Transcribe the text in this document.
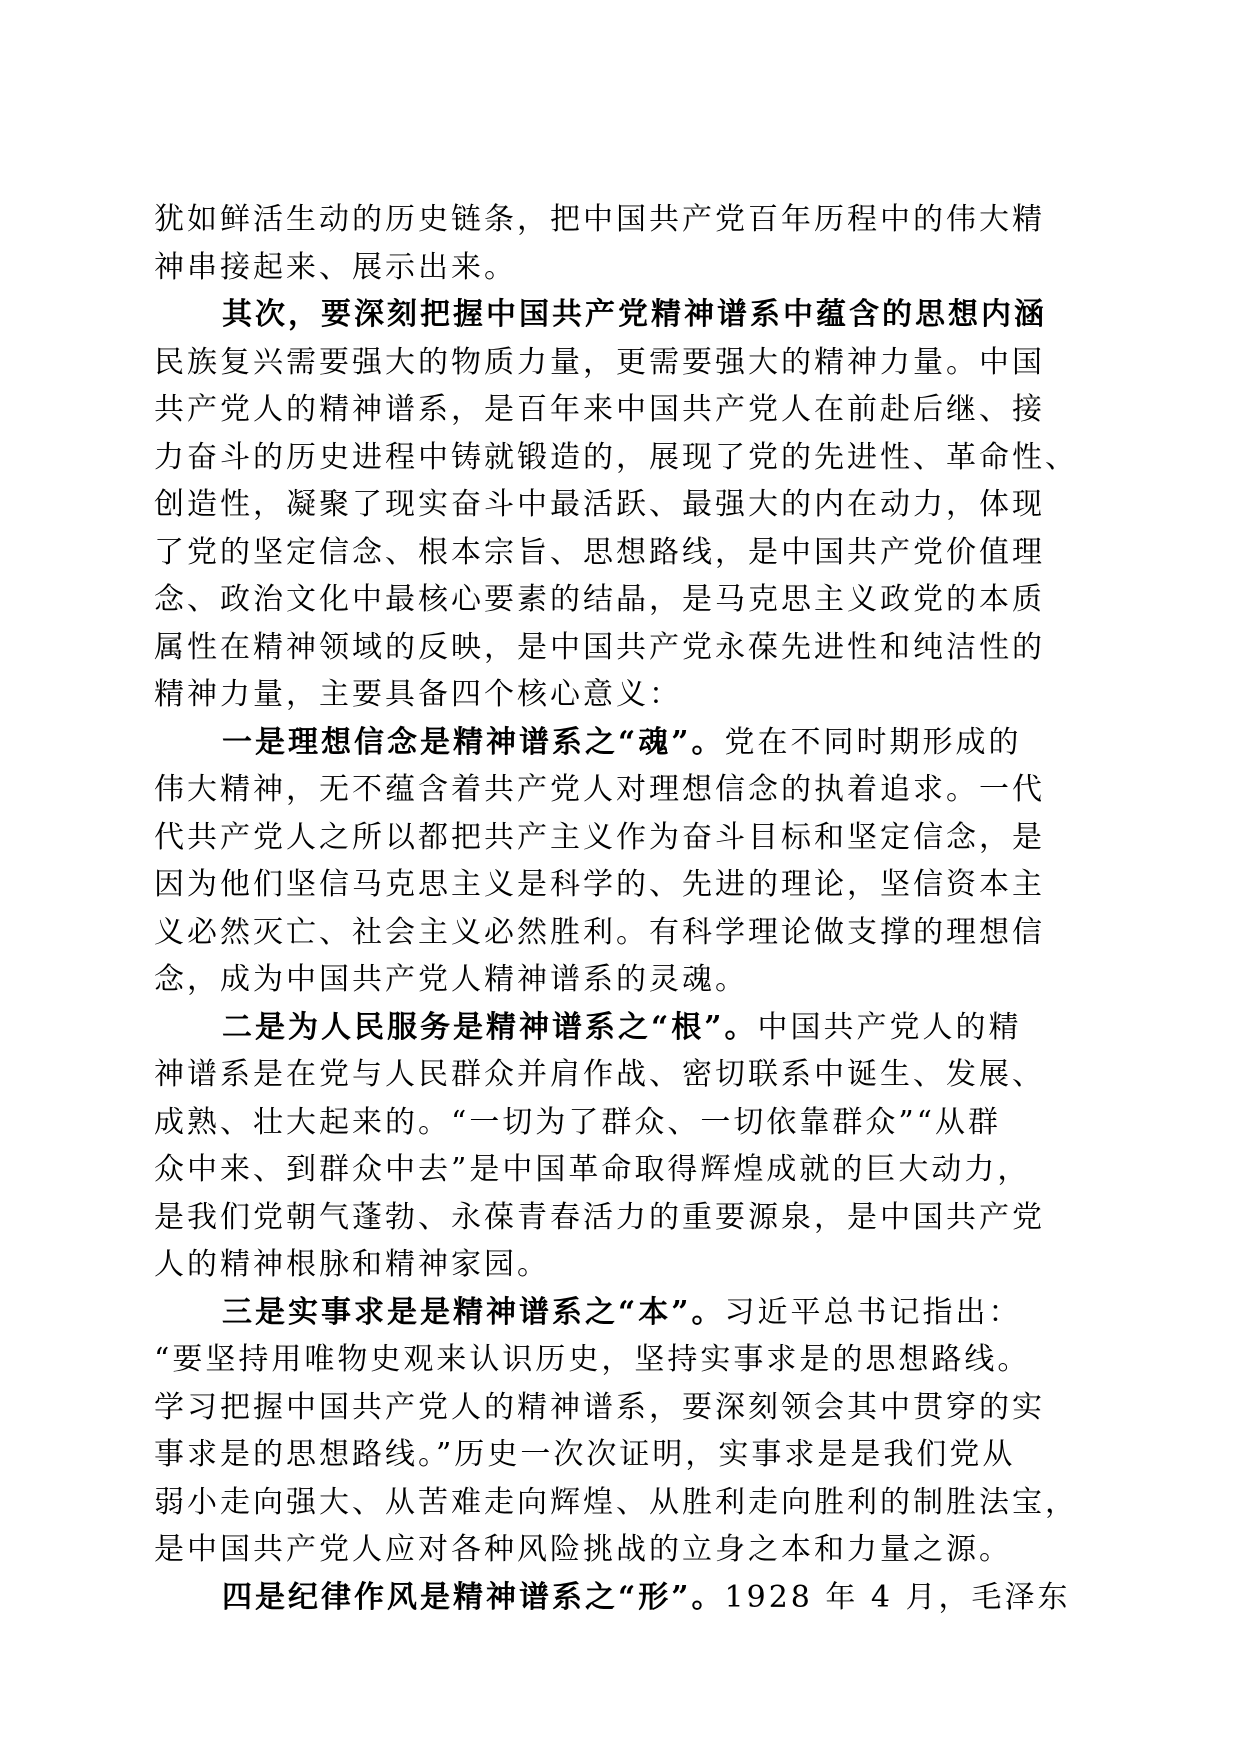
犹如鲜活生动的历史链条，把中国共产党百年历程中的伟大精
神串接起来、展示出来。
其次，要深刻把握中国共产党精神谱系中蕴含的思想内涵
民族复兴需要强大的物质力量，更需要强大的精神力量。中国
共产党人的精神谱系，是百年来中国共产党人在前赴后继、接
力奋斗的历史进程中铸就锻造的，展现了党的先进性、革命性、
创造性，凝聚了现实奋斗中最活跃、最强大的内在动力，体现
了党的坚定信念、根本宗旨、思想路线，是中国共产党价值理
念、政治文化中最核心要素的结晶，是马克思主义政党的本质
属性在精神领域的反映，是中国共产党永葆先进性和纯洁性的
精神力量，主要具备四个核心意义：
一是理想信念是精神谱系之“魂”。党在不同时期形成的
伟大精神，无不蕴含着共产党人对理想信念的执着追求。一代
代共产党人之所以都把共产主义作为奋斗目标和坚定信念，是
因为他们坚信马克思主义是科学的、先进的理论，坚信资本主
义必然灭亡、社会主义必然胜利。有科学理论做支撑的理想信
念，成为中国共产党人精神谱系的灵魂。
二是为人民服务是精神谱系之“根”。中国共产党人的精
神谱系是在党与人民群众并肩作战、密切联系中诞生、发展、
成熟、壮大起来的。“一切为了群众、一切依靠群众”“从群
众中来、到群众中去”是中国革命取得辉煌成就的巨大动力，
是我们党朝气蓬勃、永葆青春活力的重要源泉，是中国共产党
人的精神根脉和精神家园。
三是实事求是是精神谱系之“本”。习近平总书记指出：
“要坚持用唯物史观来认识历史，坚持实事求是的思想路线。
学习把握中国共产党人的精神谱系，要深刻领会其中贯穿的实
事求是的思想路线。”历史一次次证明，实事求是是我们党从
弱小走向强大、从苦难走向辉煌、从胜利走向胜利的制胜法宝，
是中国共产党人应对各种风险挑战的立身之本和力量之源。
四是纪律作风是精神谱系之“形”。1928 年 4 月，毛泽东
